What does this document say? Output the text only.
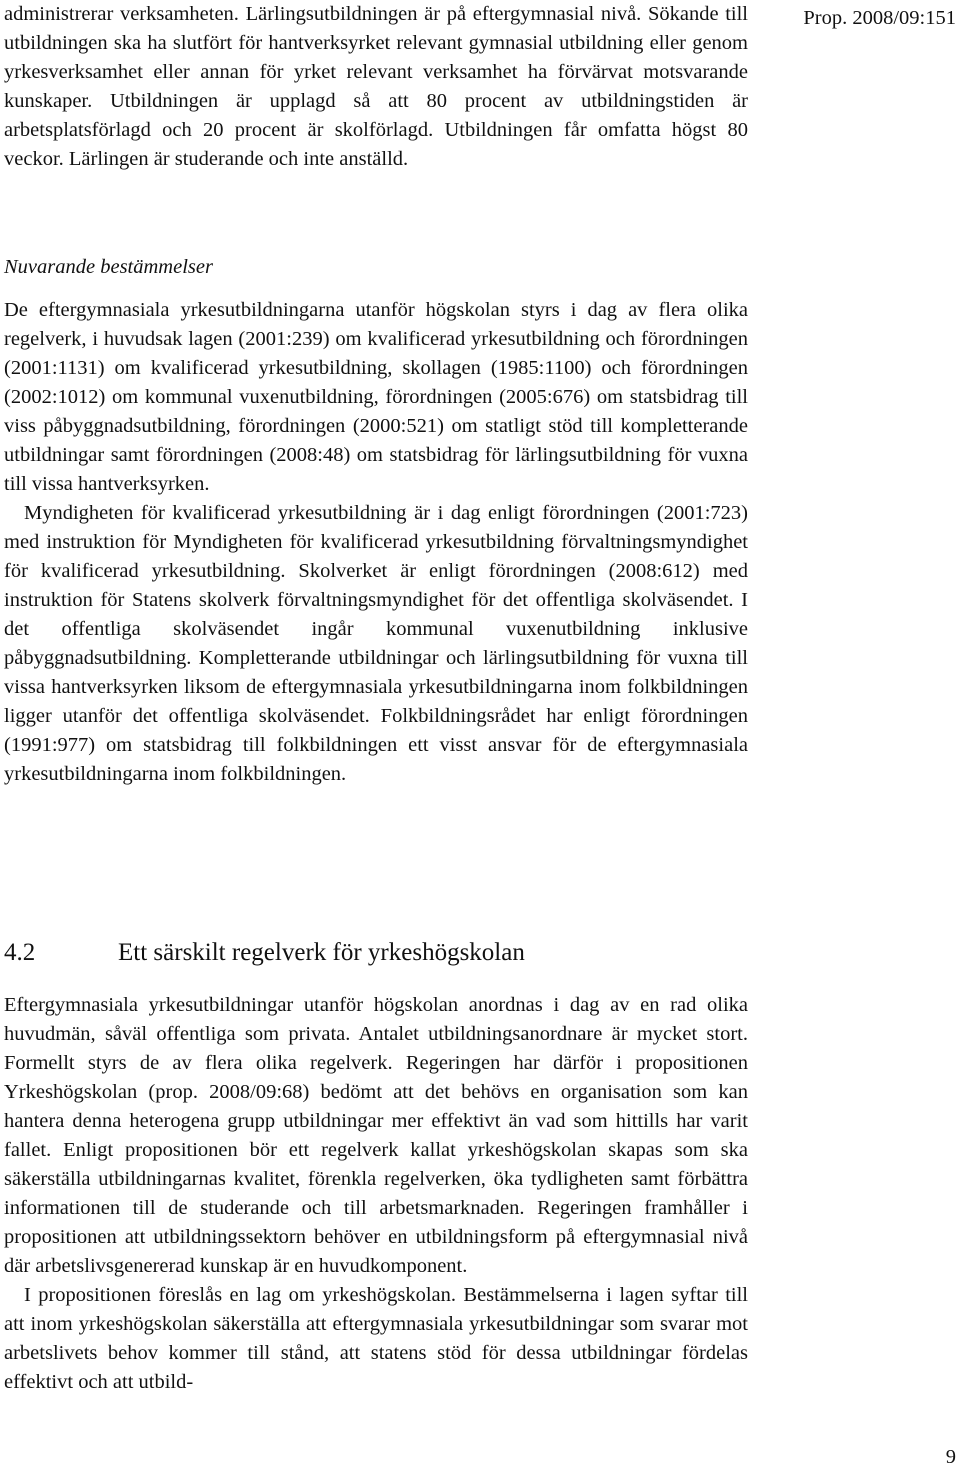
Prop. 2008/09:151

administrerar verksamheten. Lärlingsutbildningen är på eftergymnasial nivå. Sökande till utbildningen ska ha slutfört för hantverksyrket relevant gymnasial utbildning eller genom yrkesverksamhet eller annan för yrket relevant verksamhet ha förvärvat motsvarande kunskaper. Utbildningen är upplagd så att 80 procent av utbildningstiden är arbetsplatsförlagd och 20 procent är skolförlagd. Utbildningen får omfatta högst 80 veckor. Lärlingen är studerande och inte anställd.

Nuvarande bestämmelser

De eftergymnasiala yrkesutbildningarna utanför högskolan styrs i dag av flera olika regelverk, i huvudsak lagen (2001:239) om kvalificerad yrkesutbildning och förordningen (2001:1131) om kvalificerad yrkesutbildning, skollagen (1985:1100) och förordningen (2002:1012) om kommunal vuxenutbildning, förordningen (2005:676) om statsbidrag till viss påbyggnadsutbildning, förordningen (2000:521) om statligt stöd till kompletterande utbildningar samt förordningen (2008:48) om statsbidrag för lärlingsutbildning för vuxna till vissa hantverksyrken.

Myndigheten för kvalificerad yrkesutbildning är i dag enligt förordningen (2001:723) med instruktion för Myndigheten för kvalificerad yrkesutbildning förvaltningsmyndighet för kvalificerad yrkesutbildning. Skolverket är enligt förordningen (2008:612) med instruktion för Statens skolverk förvaltningsmyndighet för det offentliga skolväsendet. I det offentliga skolväsendet ingår kommunal vuxenutbildning inklusive påbyggnadsutbildning. Kompletterande utbildningar och lärlingsutbildning för vuxna till vissa hantverksyrken liksom de eftergymnasiala yrkesutbildningarna inom folkbildningen ligger utanför det offentliga skolväsendet. Folkbildningsrådet har enligt förordningen (1991:977) om statsbidrag till folkbildningen ett visst ansvar för de eftergymnasiala yrkesutbildningarna inom folkbildningen.

4.2	Ett särskilt regelverk för yrkeshögskolan

Eftergymnasiala yrkesutbildningar utanför högskolan anordnas i dag av en rad olika huvudmän, såväl offentliga som privata. Antalet utbildningsanordnare är mycket stort. Formellt styrs de av flera olika regelverk. Regeringen har därför i propositionen Yrkeshögskolan (prop. 2008/09:68) bedömt att det behövs en organisation som kan hantera denna heterogena grupp utbildningar mer effektivt än vad som hittills har varit fallet. Enligt propositionen bör ett regelverk kallat yrkeshögskolan skapas som ska säkerställa utbildningarnas kvalitet, förenkla regelverken, öka tydligheten samt förbättra informationen till de studerande och till arbetsmarknaden. Regeringen framhåller i propositionen att utbildningssektorn behöver en utbildningsform på eftergymnasial nivå där arbetslivsgenererad kunskap är en huvudkomponent.

I propositionen föreslås en lag om yrkeshögskolan. Bestämmelserna i lagen syftar till att inom yrkeshögskolan säkerställa att eftergymnasiala yrkesutbildningar som svarar mot arbetslivets behov kommer till stånd, att statens stöd för dessa utbildningar fördelas effektivt och att utbild-

9
